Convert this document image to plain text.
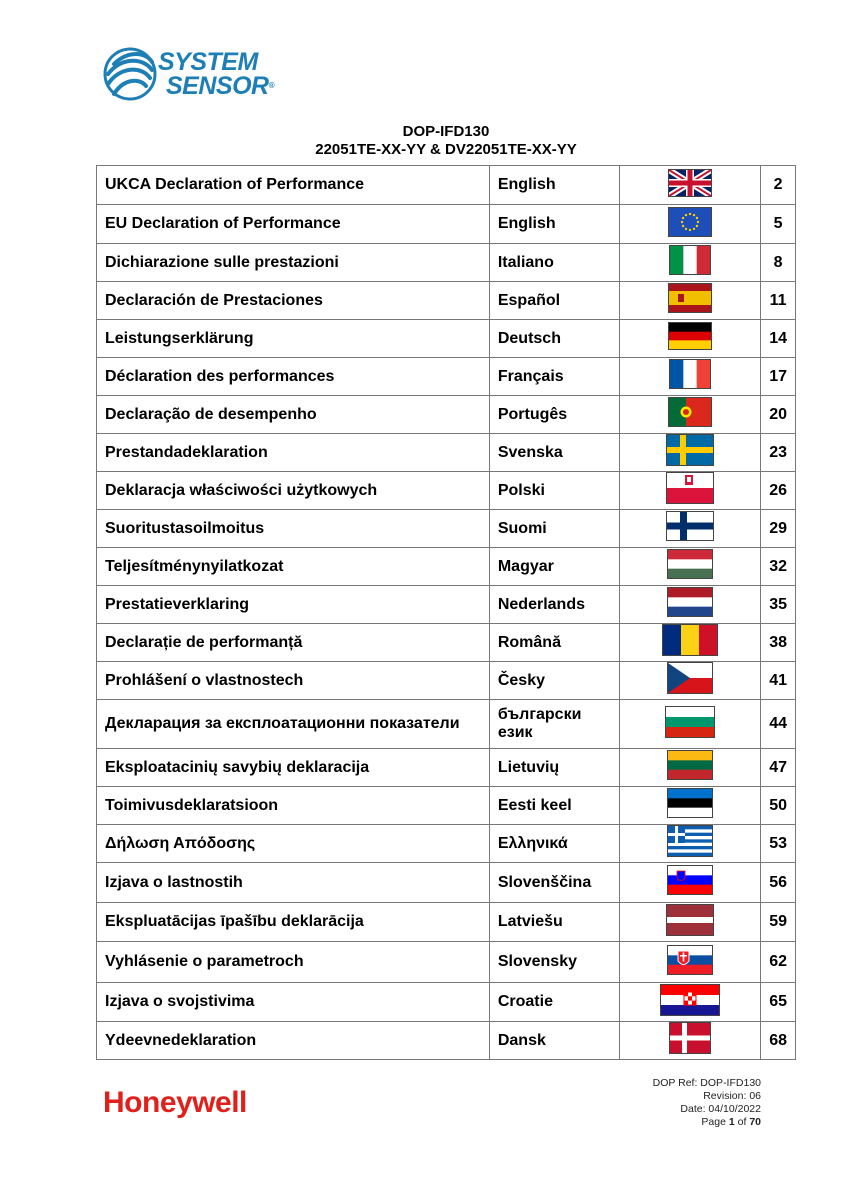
SYSTEM
SENSOR®
DOP-IFD130
22051TE-XX-YY & DV22051TE-XX-YY
UKCA Declaration of Performance	English		2
EU Declaration of Performance	English		5
Dichiarazione sulle prestazioni	Italiano		8
Declaración de Prestaciones	Español		11
Leistungserklärung	Deutsch		14
Déclaration des performances	Français		17
Declaração de desempenho	Portugês		20
Prestandadeklaration	Svenska		23
Deklaracja właściwości użytkowych	Polski		26
Suoritustasoilmoitus	Suomi		29
Teljesítménynyilatkozat	Magyar		32
Prestatieverklaring	Nederlands		35
Declarație de performanță	Română		38
Prohlášení o vlastnostech	Česky		41
Декларация за експлоатационни показатели	български език		44
Eksploatacinių savybių deklaracija	Lietuvių		47
Toimivusdeklaratsioon	Eesti keel		50
Δήλωση Απόδοσης	Ελληνικά		53
Izjava o lastnostih	Slovenščina		56
Ekspluatācijas īpašību deklarācija	Latviešu		59
Vyhlásenie o parametroch	Slovensky		62
Izjava o svojstivima	Croatie		65
Ydeevnedeklaration	Dansk		68
Honeywell
DOP Ref: DOP-IFD130
Revision: 06
Date: 04/10/2022
Page 1 of 70
